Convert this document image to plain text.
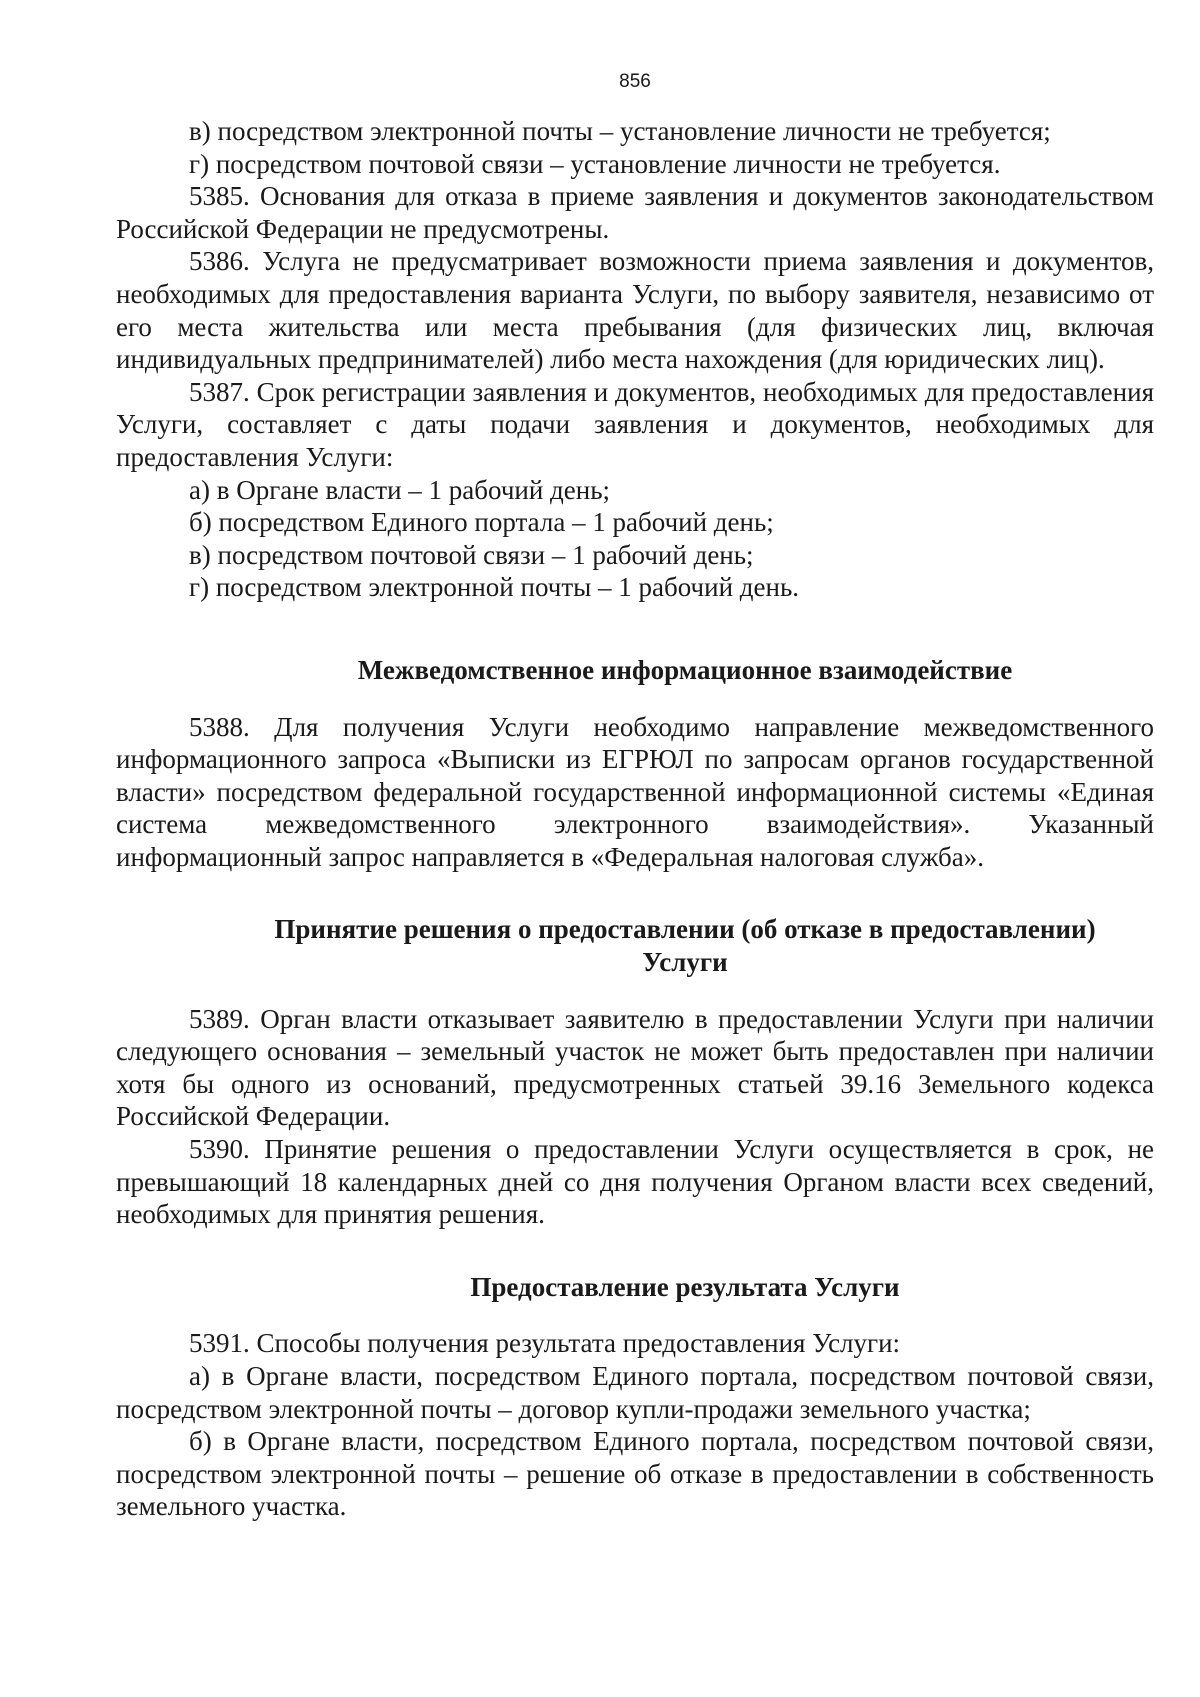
856

в) посредством электронной почты – установление личности не требуется;

г) посредством почтовой связи – установление личности не требуется.

5385. Основания для отказа в приеме заявления и документов законодательством Российской Федерации не предусмотрены.

5386. Услуга не предусматривает возможности приема заявления и документов, необходимых для предоставления варианта Услуги, по выбору заявителя, независимо от его места жительства или места пребывания (для физических лиц, включая индивидуальных предпринимателей) либо места нахождения (для юридических лиц).

5387. Срок регистрации заявления и документов, необходимых для предоставления Услуги, составляет с даты подачи заявления и документов, необходимых для предоставления Услуги:

а) в Органе власти – 1 рабочий день;

б) посредством Единого портала – 1 рабочий день;

в) посредством почтовой связи – 1 рабочий день;

г) посредством электронной почты – 1 рабочий день.

Межведомственное информационное взаимодействие

5388. Для получения Услуги необходимо направление межведомственного информационного запроса «Выписки из ЕГРЮЛ по запросам органов государственной власти» посредством федеральной государственной информационной системы «Единая система межведомственного электронного взаимодействия». Указанный информационный запрос направляется в «Федеральная налоговая служба».

Принятие решения о предоставлении (об отказе в предоставлении)
Услуги

5389. Орган власти отказывает заявителю в предоставлении Услуги при наличии следующего основания – земельный участок не может быть предоставлен при наличии хотя бы одного из оснований, предусмотренных статьей 39.16 Земельного кодекса Российской Федерации.

5390. Принятие решения о предоставлении Услуги осуществляется в срок, не превышающий 18 календарных дней со дня получения Органом власти всех сведений, необходимых для принятия решения.

Предоставление результата Услуги

5391. Способы получения результата предоставления Услуги:

а) в Органе власти, посредством Единого портала, посредством почтовой связи, посредством электронной почты – договор купли-продажи земельного участка;

б) в Органе власти, посредством Единого портала, посредством почтовой связи, посредством электронной почты – решение об отказе в предоставлении в собственность земельного участка.
